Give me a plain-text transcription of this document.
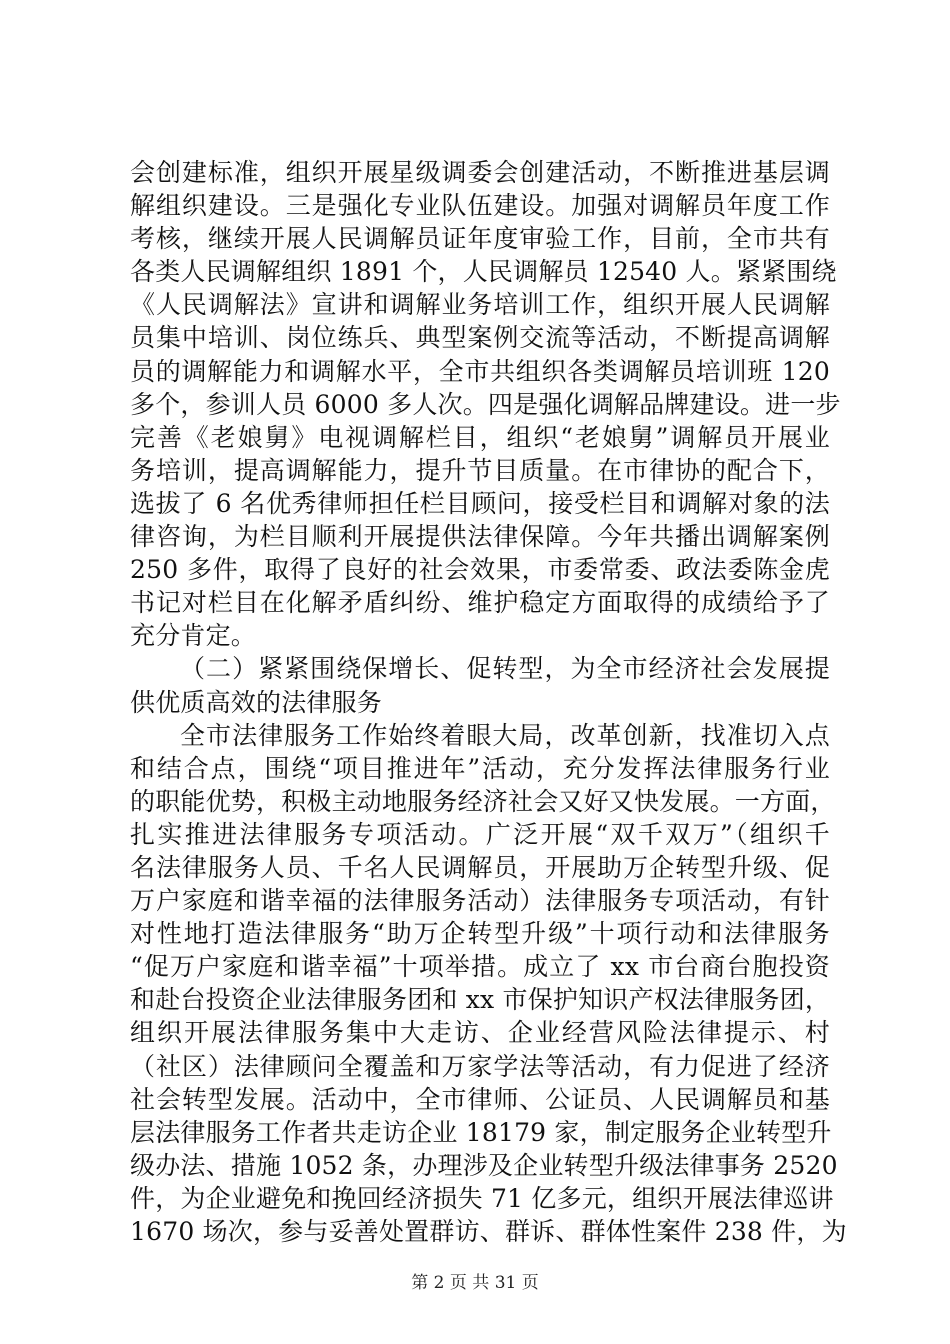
会创建标准，组织开展星级调委会创建活动，不断推进基层调
解组织建设。三是强化专业队伍建设。加强对调解员年度工作
考核，继续开展人民调解员证年度审验工作，目前，全市共有
各类人民调解组织 1891 个，人民调解员 12540 人。紧紧围绕
《人民调解法》宣讲和调解业务培训工作，组织开展人民调解
员集中培训、岗位练兵、典型案例交流等活动，不断提高调解
员的调解能力和调解水平，全市共组织各类调解员培训班 120
多个，参训人员 6000 多人次。四是强化调解品牌建设。进一步
完善《老娘舅》电视调解栏目，组织“老娘舅”调解员开展业
务培训，提高调解能力，提升节目质量。在市律协的配合下，
选拔了 6 名优秀律师担任栏目顾问，接受栏目和调解对象的法
律咨询，为栏目顺利开展提供法律保障。今年共播出调解案例
250 多件，取得了良好的社会效果，市委常委、政法委陈金虎
书记对栏目在化解矛盾纠纷、维护稳定方面取得的成绩给予了
充分肯定。
（二）紧紧围绕保增长、促转型，为全市经济社会发展提
供优质高效的法律服务
全市法律服务工作始终着眼大局，改革创新，找准切入点
和结合点，围绕“项目推进年”活动，充分发挥法律服务行业
的职能优势，积极主动地服务经济社会又好又快发展。一方面，
扎实推进法律服务专项活动。广泛开展“双千双万”（组织千
名法律服务人员、千名人民调解员，开展助万企转型升级、促
万户家庭和谐幸福的法律服务活动）法律服务专项活动，有针
对性地打造法律服务“助万企转型升级”十项行动和法律服务
“促万户家庭和谐幸福”十项举措。成立了 xx 市台商台胞投资
和赴台投资企业法律服务团和 xx 市保护知识产权法律服务团，
组织开展法律服务集中大走访、企业经营风险法律提示、村
（社区）法律顾问全覆盖和万家学法等活动，有力促进了经济
社会转型发展。活动中，全市律师、公证员、人民调解员和基
层法律服务工作者共走访企业 18179 家，制定服务企业转型升
级办法、措施 1052 条，办理涉及企业转型升级法律事务 2520
件，为企业避免和挽回经济损失 71 亿多元，组织开展法律巡讲
1670 场次，参与妥善处置群访、群诉、群体性案件 238 件，为
第 2 页 共 31 页
